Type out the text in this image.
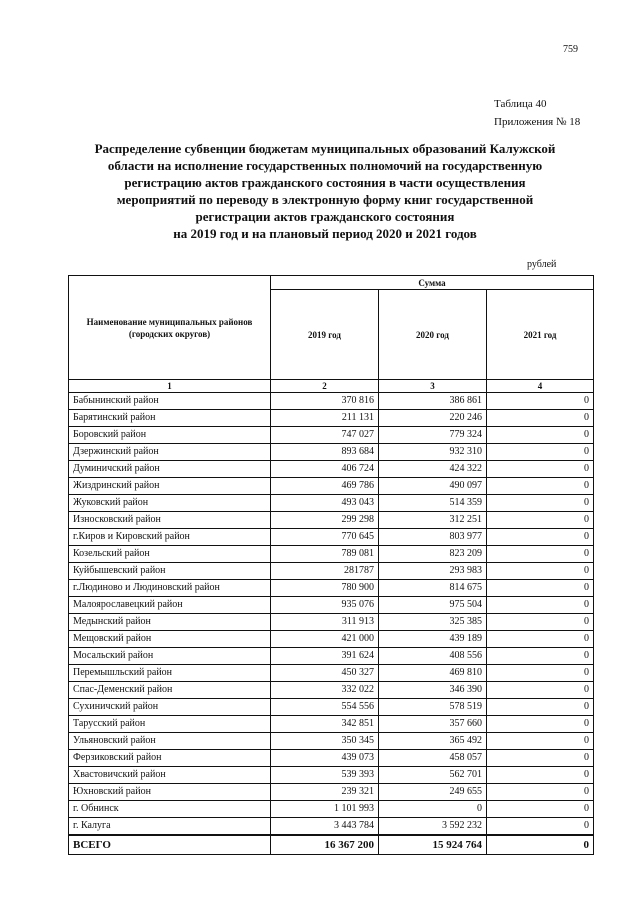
759
Таблица 40
Приложения № 18
Распределение субвенции бюджетам муниципальных образований Калужской
области на исполнение государственных полномочий на государственную
регистрацию актов гражданского состояния в части осуществления
мероприятий по переводу в электронную форму книг государственной
регистрации актов гражданского состояния
на 2019 год и на плановый период 2020 и 2021 годов
рублей
Наименование муниципальных районов (городских округов)	Сумма		
	2019 год	2020 год	2021 год
1	2	3	4
Бабынинский район	370 816	386 861	0
Барятинский район	211 131	220 246	0
Боровский район	747 027	779 324	0
Дзержинский район	893 684	932 310	0
Думиничский район	406 724	424 322	0
Жиздринский район	469 786	490 097	0
Жуковский район	493 043	514 359	0
Износковский район	299 298	312 251	0
г.Киров и Кировский район	770 645	803 977	0
Козельский район	789 081	823 209	0
Куйбышевский район	281787	293 983	0
г.Людиново и Людиновский район	780 900	814 675	0
Малоярославецкий район	935 076	975 504	0
Медынский район	311 913	325 385	0
Мещовский район	421 000	439 189	0
Мосальский район	391 624	408 556	0
Перемышльский район	450 327	469 810	0
Спас-Деменский район	332 022	346 390	0
Сухиничский район	554 556	578 519	0
Тарусский район	342 851	357 660	0
Ульяновский район	350 345	365 492	0
Ферзиковский район	439 073	458 057	0
Хвастовичский район	539 393	562 701	0
Юхновский район	239 321	249 655	0
г. Обнинск	1 101 993	0	0
г. Калуга	3 443 784	3 592 232	0
ВСЕГО	16 367 200	15 924 764	0
